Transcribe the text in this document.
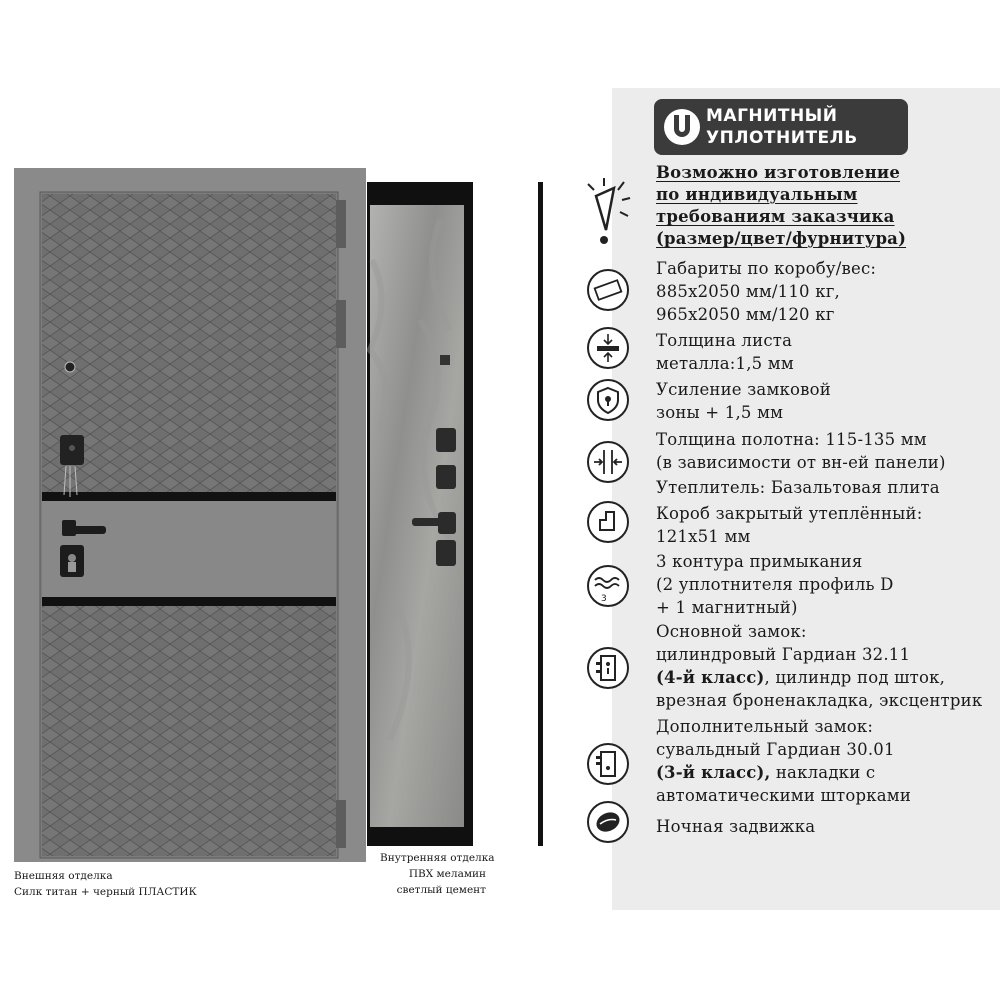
Внешняя отделка
Силк титан + черный ПЛАСТИК
Внутренняя отделка
ПВХ меламин
светлый цемент
МАГНИТНЫЙ
УПЛОТНИТЕЛЬ
3
Возможно изготовление
по индивидуальным
требованиям заказчика
(размер/цвет/фурнитура)
Габариты по коробу/вес:
885x2050 мм/110 кг,
965x2050 мм/120 кг
Толщина листа
металла:1,5 мм
Усиление замковой
зоны + 1,5 мм
Толщина полотна: 115-135 мм
(в зависимости от вн-ей панели)
Утеплитель: Базальтовая плита
Короб закрытый утеплённый:
121х51 мм
3 контура примыкания
(2 уплотнителя профиль D
+ 1 магнитный)
Основной замок:
цилиндровый Гардиан 32.11
(4-й класс), цилиндр под шток,
врезная броненакладка, эксцентрик
Дополнительный замок:
сувальдный Гардиан 30.01
(3-й класс), накладки с
автоматическими шторками
Ночная задвижка
